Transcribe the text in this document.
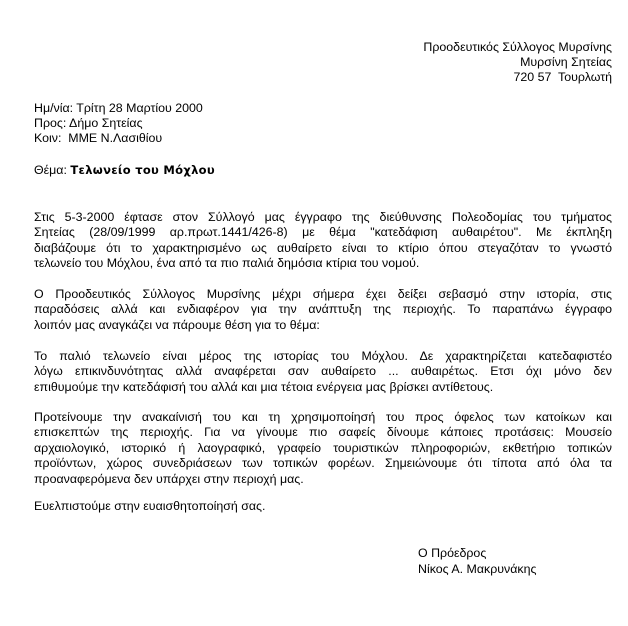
Προοδευτικός Σύλλογος Μυρσίνης
Μυρσίνη Σητείας
720 57  Τουρλωτή
Ημ/νία: Τρίτη 28 Μαρτίου 2000
Προς: Δήμο Σητείας
Κοιν:  ΜΜΕ Ν.Λασιθίου
Θέμα: Τελωνείο του Μόχλου
Στις 5-3-2000 έφτασε στον Σύλλογό μας έγγραφο της διεύθυνσης Πολεοδομίας του τμήματος
Σητείας (28/09/1999 αρ.πρωτ.1441/426-8) με θέμα "κατεδάφιση αυθαιρέτου". Με έκπληξη
διαβάζουμε ότι το χαρακτηρισμένο ως αυθαίρετο είναι το κτίριο όπου στεγαζόταν το γνωστό
τελωνείο του Μόχλου, ένα από τα πιο παλιά δημόσια κτίρια του νομού.
Ο Προοδευτικός Σύλλογος Μυρσίνης μέχρι σήμερα έχει δείξει σεβασμό στην ιστορία, στις
παραδόσεις αλλά και ενδιαφέρον για την ανάπτυξη της περιοχής. Το παραπάνω έγγραφο
λοιπόν μας αναγκάζει να πάρουμε θέση για το θέμα:
Το παλιό τελωνείο είναι μέρος της ιστορίας του Μόχλου. Δε χαρακτηρίζεται κατεδαφιστέο
λόγω επικινδυνότητας αλλά αναφέρεται σαν αυθαίρετο ... αυθαιρέτως. Ετσι όχι μόνο δεν
επιθυμούμε την κατεδάφισή του αλλά και μια τέτοια ενέργεια μας βρίσκει αντίθετους.
Προτείνουμε την ανακαίνισή του και τη χρησιμοποίησή του προς όφελος των κατοίκων και
επισκεπτών της περιοχής. Για να γίνουμε πιο σαφείς δίνουμε κάποιες προτάσεις: Μουσείο
αρχαιολογικό, ιστορικό ή λαογραφικό, γραφείο τουριστικών πληροφοριών, εκθετήριο τοπικών
προϊόντων, χώρος συνεδριάσεων των τοπικών φορέων. Σημειώνουμε ότι τίποτα από όλα τα
προαναφερόμενα δεν υπάρχει στην περιοχή μας.
Ευελπιστούμε στην ευαισθητοποίησή σας.
Ο Πρόεδρος
Νίκος Α. Μακρυνάκης
